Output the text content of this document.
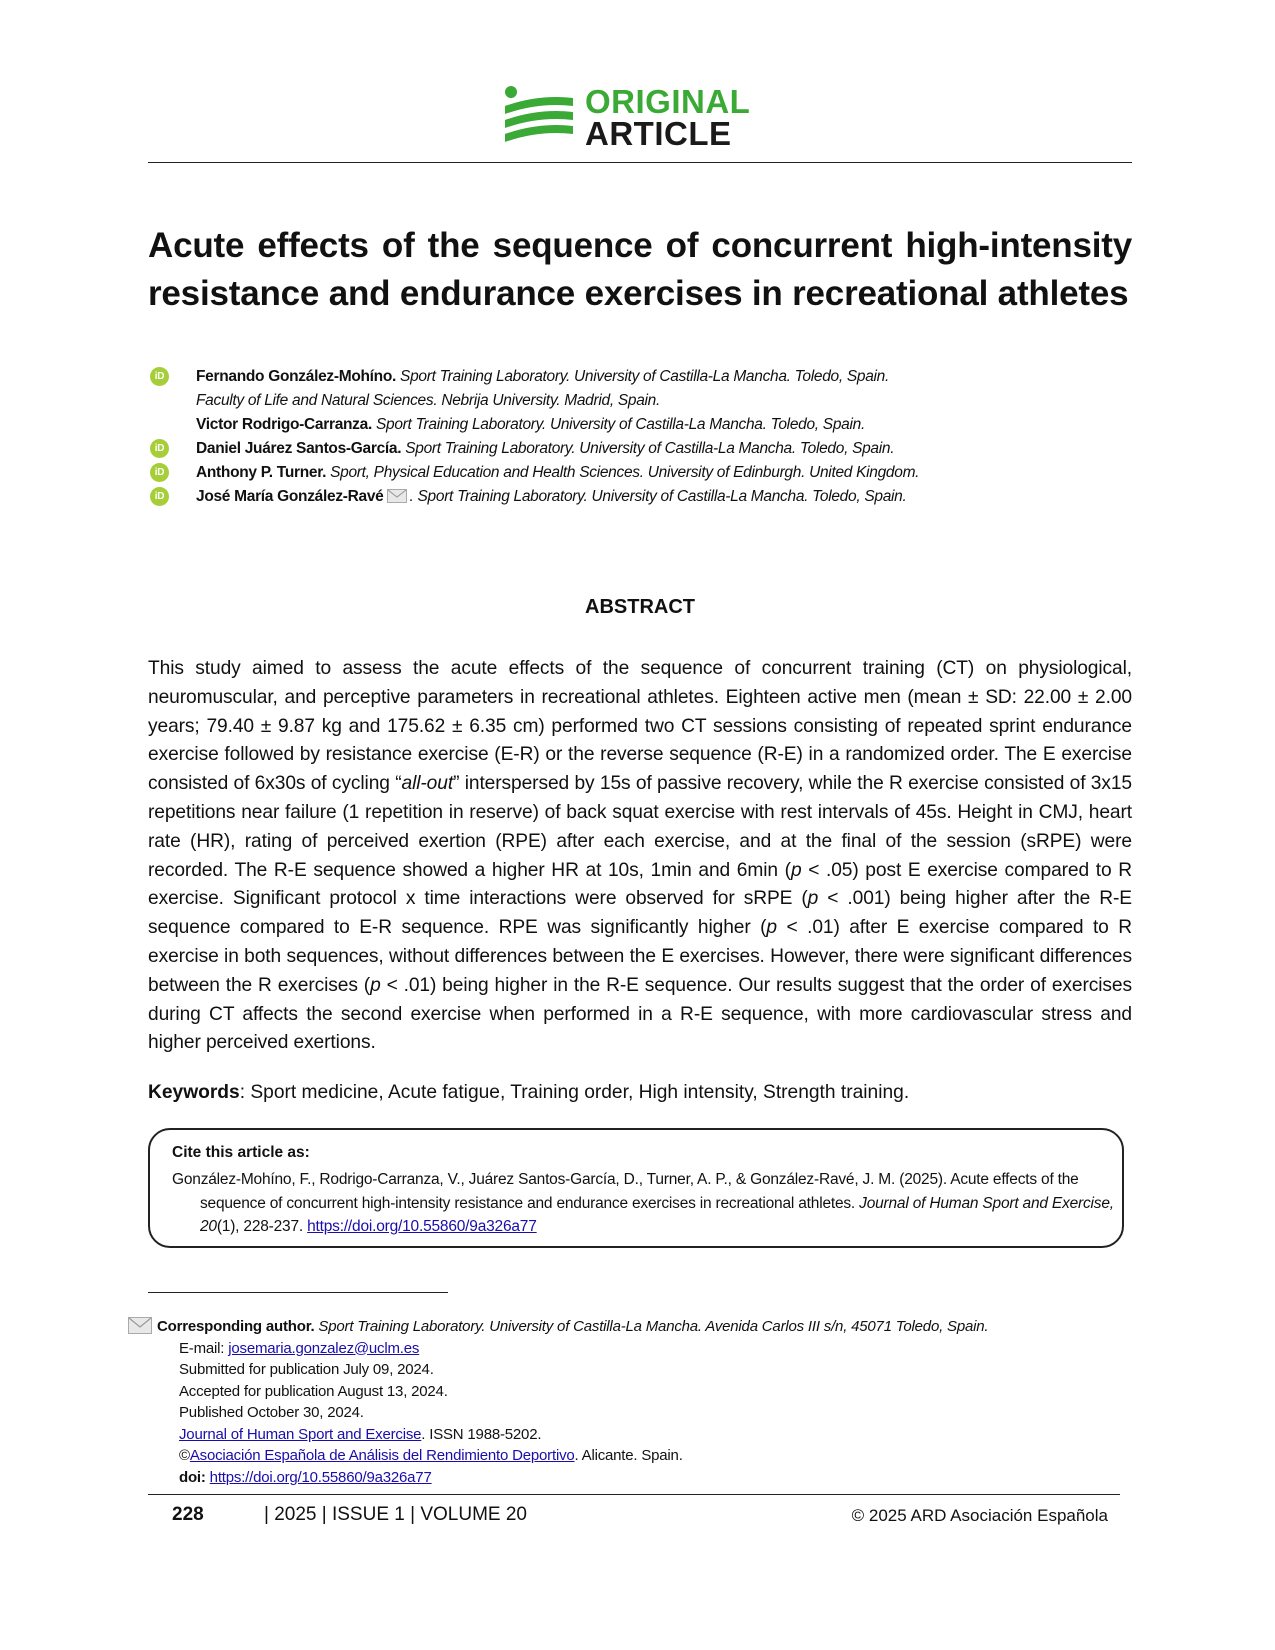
ORIGINAL
ARTICLE
Acute effects of the sequence of concurrent high-intensity resistance and endurance exercises in recreational athletes
iD	Fernando González-Mohíno. Sport Training Laboratory. University of Castilla-La Mancha. Toledo, Spain.
Faculty of Life and Natural Sciences. Nebrija University. Madrid, Spain.
Victor Rodrigo-Carranza. Sport Training Laboratory. University of Castilla-La Mancha. Toledo, Spain.
iD	Daniel Juárez Santos-García. Sport Training Laboratory. University of Castilla-La Mancha. Toledo, Spain.
iD	Anthony P. Turner. Sport, Physical Education and Health Sciences. University of Edinburgh. United Kingdom.
iD	José María González-Ravé . Sport Training Laboratory. University of Castilla-La Mancha. Toledo, Spain.
ABSTRACT

This study aimed to assess the acute effects of the sequence of concurrent training (CT) on physiological, neuromuscular, and perceptive parameters in recreational athletes. Eighteen active men (mean ± SD: 22.00 ± 2.00 years; 79.40 ± 9.87 kg and 175.62 ± 6.35 cm) performed two CT sessions consisting of repeated sprint endurance exercise followed by resistance exercise (E-R) or the reverse sequence (R-E) in a randomized order. The E exercise consisted of 6x30s of cycling “all-out” interspersed by 15s of passive recovery, while the R exercise consisted of 3x15 repetitions near failure (1 repetition in reserve) of back squat exercise with rest intervals of 45s. Height in CMJ, heart rate (HR), rating of perceived exertion (RPE) after each exercise, and at the final of the session (sRPE) were recorded. The R-E sequence showed a higher HR at 10s, 1min and 6min (p < .05) post E exercise compared to R exercise. Significant protocol x time interactions were observed for sRPE (p < .001) being higher after the R-E sequence compared to E-R sequence. RPE was significantly higher (p < .01) after E exercise compared to R exercise in both sequences, without differences between the E exercises. However, there were significant differences between the R exercises (p < .01) being higher in the R-E sequence. Our results suggest that the order of exercises during CT affects the second exercise when performed in a R-E sequence, with more cardiovascular stress and higher perceived exertions.

Keywords: Sport medicine, Acute fatigue, Training order, High intensity, Strength training.
Cite this article as:
González-Mohíno, F., Rodrigo-Carranza, V., Juárez Santos-García, D., Turner, A. P., & González-Ravé, J. M. (2025). Acute effects of the sequence of concurrent high-intensity resistance and endurance exercises in recreational athletes. Journal of Human Sport and Exercise, 20(1), 228-237. https://doi.org/10.55860/9a326a77
Corresponding author. Sport Training Laboratory. University of Castilla-La Mancha. Avenida Carlos III s/n, 45071 Toledo, Spain.
E-mail: josemaria.gonzalez@uclm.es
Submitted for publication July 09, 2024.
Accepted for publication August 13, 2024.
Published October 30, 2024.
Journal of Human Sport and Exercise. ISSN 1988-5202.
©Asociación Española de Análisis del Rendimiento Deportivo. Alicante. Spain.
doi: https://doi.org/10.55860/9a326a77
228	| 2025 | ISSUE 1 | VOLUME 20	© 2025 ARD Asociación Española
